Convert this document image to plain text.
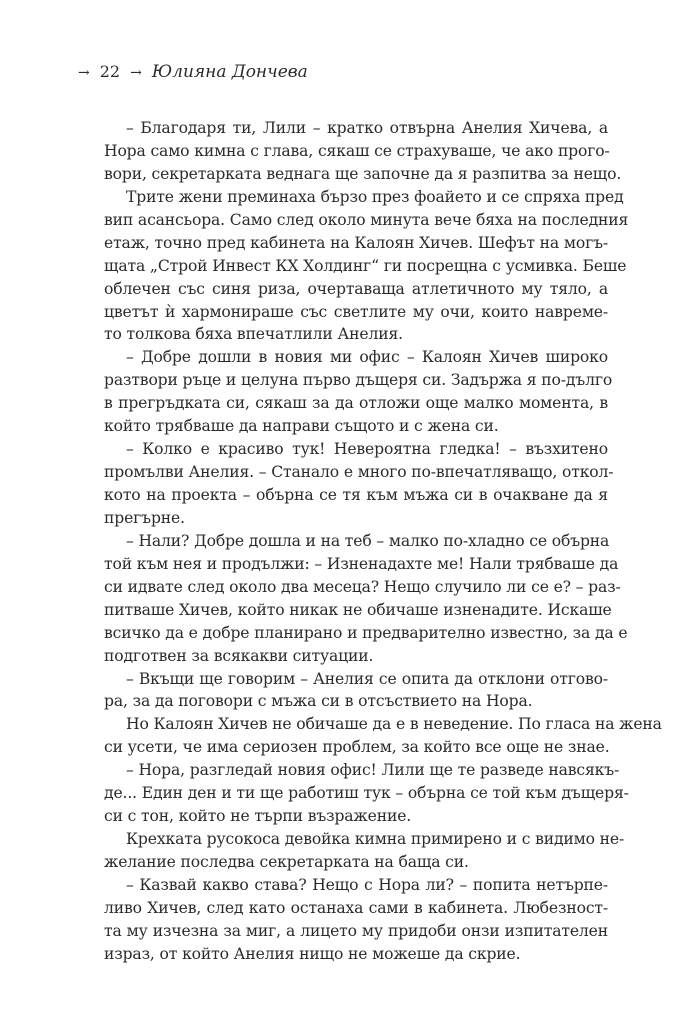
→ 22 → Юлияна Дончева
– Благодаря ти, Лили – кратко отвърна Анелия Хичева, а
Нора само кимна с глава, сякаш се страхуваше, че ако прого-
вори, секретарката веднага ще започне да я разпитва за нещо.
Трите жени преминаха бързо през фоайето и се спряха пред
вип асансьора. Само след около минута вече бяха на последния
етаж, точно пред кабинета на Калоян Хичев. Шефът на могъ-
щата „Строй Инвест КХ Холдинг“ ги посрещна с усмивка. Беше
облечен със синя риза, очертаваща атлетичното му тяло, а
цветът ѝ хармонираше със светлите му очи, които навреме-
то толкова бяха впечатлили Анелия.
– Добре дошли в новия ми офис – Калоян Хичев широко
разтвори ръце и целуна първо дъщеря си. Задържа я по-дълго
в прегръдката си, сякаш за да отложи още малко момента, в
който трябваше да направи същото и с жена си.
– Колко е красиво тук! Невероятна гледка! – възхитено
промълви Анелия. – Станало е много по-впечатляващо, откол-
кото на проекта – обърна се тя към мъжа си в очакване да я
прегърне.
– Нали? Добре дошла и на теб – малко по-хладно се обърна
той към нея и продължи: – Изненадахте ме! Нали трябваше да
си идвате след около два месеца? Нещо случило ли се е? – раз-
питваше Хичев, който никак не обичаше изненадите. Искаше
всичко да е добре планирано и предварително известно, за да е
подготвен за всякакви ситуации.
– Вкъщи ще говорим – Анелия се опита да отклони отгово-
ра, за да поговори с мъжа си в отсъствието на Нора.
Но Калоян Хичев не обичаше да е в неведение. По гласа на жена
си усети, че има сериозен проблем, за който все още не знае.
– Нора, разгледай новия офис! Лили ще те разведе навсякъ-
де... Един ден и ти ще работиш тук – обърна се той към дъщеря-
си с тон, който не търпи възражение.
Крехката русокоса девойка кимна примирено и с видимо не-
желание последва секретарката на баща си.
– Казвай какво става? Нещо с Нора ли? – попита нетърпе-
ливо Хичев, след като останаха сами в кабинета. Любезност-
та му изчезна за миг, а лицето му придоби онзи изпитателен
израз, от който Анелия нищо не можеше да скрие.
